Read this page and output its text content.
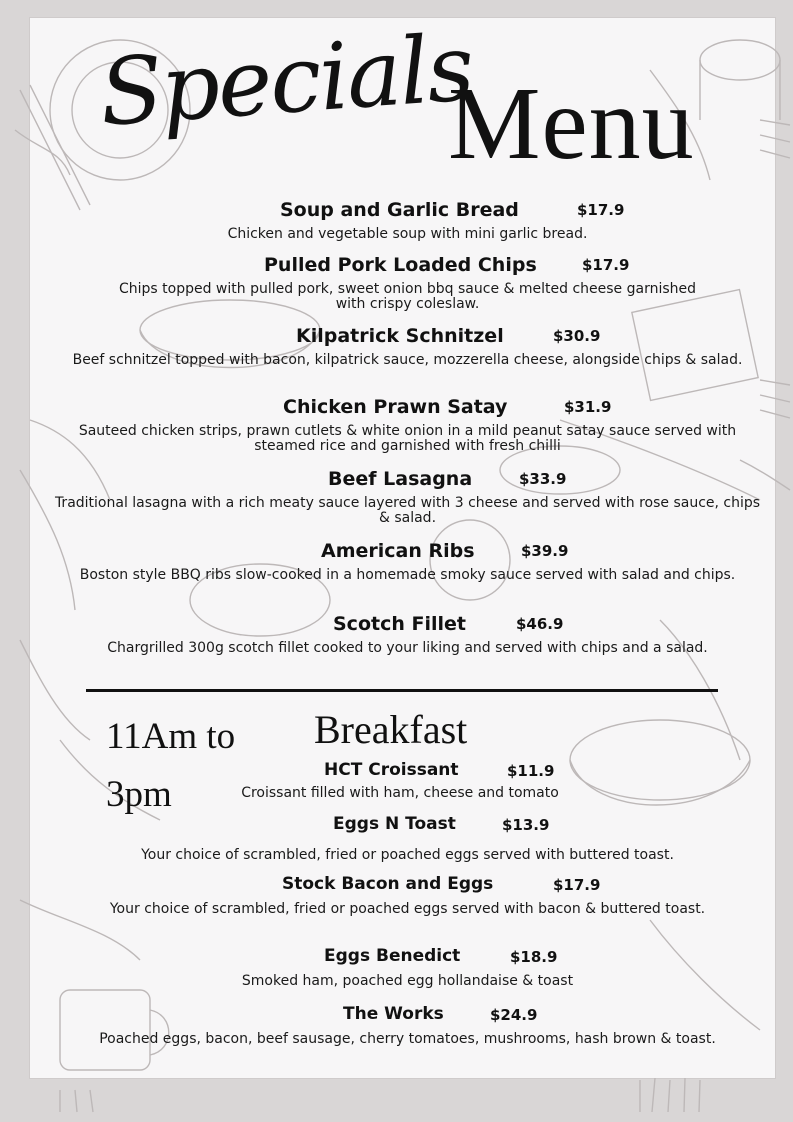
Specials
Menu
Soup and Garlic Bread	$17.9
Chicken and vegetable soup with mini garlic bread.
Pulled Pork Loaded Chips	$17.9
Chips topped with pulled pork, sweet onion bbq sauce & melted cheese garnished with crispy coleslaw.
Kilpatrick Schnitzel	$30.9
Beef schnitzel topped with bacon, kilpatrick sauce, mozzerella cheese, alongside chips & salad.
Chicken Prawn Satay	$31.9
Sauteed chicken strips, prawn cutlets & white onion in a mild peanut satay sauce served with steamed rice and garnished with fresh chilli
Beef Lasagna	$33.9
Traditional lasagna with a rich meaty sauce layered with 3 cheese and served with rose sauce, chips & salad.
American Ribs	$39.9
Boston style BBQ ribs slow-cooked in a homemade smoky sauce served with salad and chips.
Scotch Fillet	$46.9
Chargrilled 300g scotch fillet cooked to your liking and served with chips and a salad.
11Am to
3pm
Breakfast
HCT Croissant	$11.9
Croissant filled with ham, cheese and tomato
Eggs N Toast	$13.9
Your choice of scrambled, fried or poached eggs served with buttered toast.
Stock Bacon and Eggs	$17.9
Your choice of scrambled, fried or poached eggs served with bacon & buttered toast.
Eggs Benedict	$18.9
Smoked ham, poached egg hollandaise & toast
The Works	$24.9
Poached eggs, bacon, beef sausage, cherry tomatoes, mushrooms, hash brown & toast.
